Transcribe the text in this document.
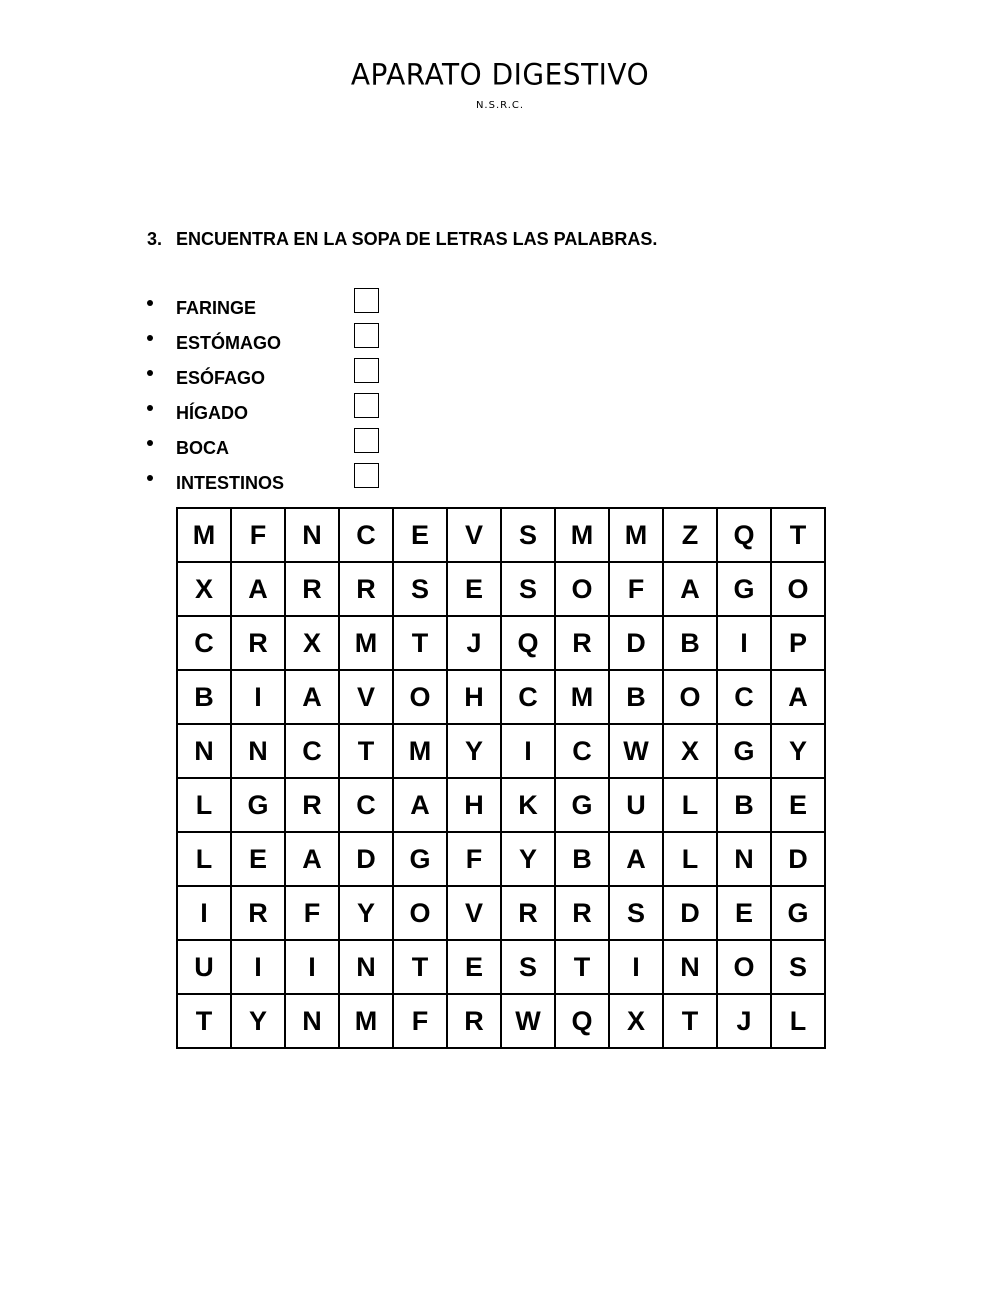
APARATO DIGESTIVO
N.S.R.C.
3. ENCUENTRA EN LA SOPA DE LETRAS LAS PALABRAS.
FARINGE
ESTÓMAGO
ESÓFAGO
HÍGADO
BOCA
INTESTINOS
M	F	N	C	E	V	S	M	M	Z	Q	T
X	A	R	R	S	E	S	O	F	A	G	O
C	R	X	M	T	J	Q	R	D	B	I	P
B	I	A	V	O	H	C	M	B	O	C	A
N	N	C	T	M	Y	I	C	W	X	G	Y
L	G	R	C	A	H	K	G	U	L	B	E
L	E	A	D	G	F	Y	B	A	L	N	D
I	R	F	Y	O	V	R	R	S	D	E	G
U	I	I	N	T	E	S	T	I	N	O	S
T	Y	N	M	F	R	W	Q	X	T	J	L
